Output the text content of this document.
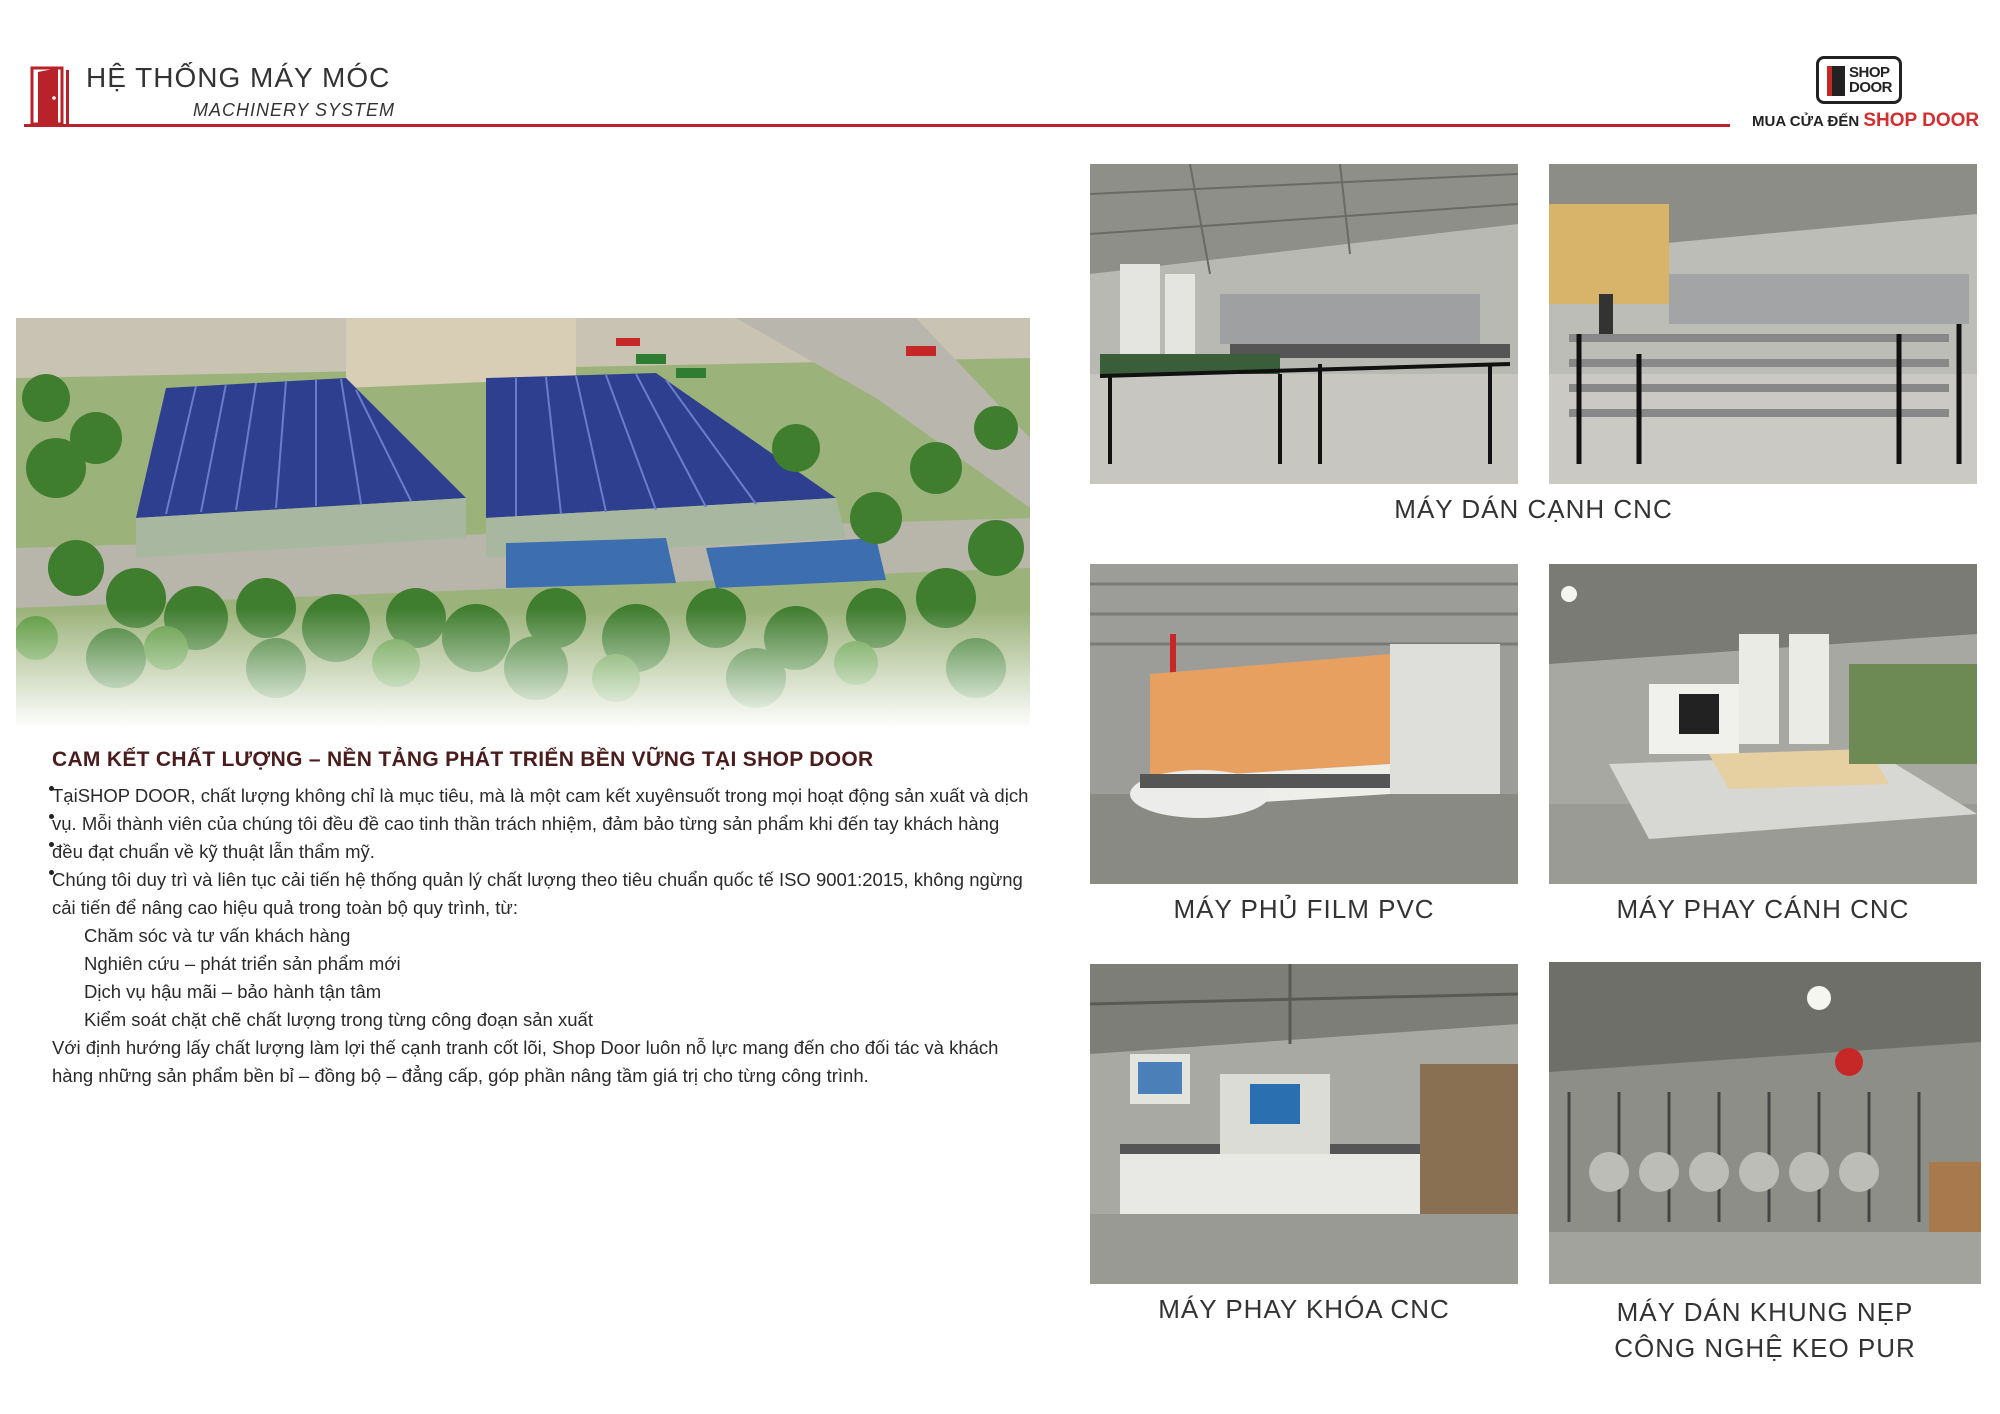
HỆ THỐNG MÁY MÓC
MACHINERY SYSTEM
SHOP
DOOR
MUA CỬA ĐẾN SHOP DOOR
CAM KẾT CHẤT LƯỢNG – NỀN TẢNG PHÁT TRIỂN BỀN VỮNG TẠI SHOP DOOR

TạiSHOP DOOR, chất lượng không chỉ là mục tiêu, mà là một cam kết xuyênsuốt trong mọi hoạt động sản xuất và dịch vụ. Mỗi thành viên của chúng tôi đều đề cao tinh thần trách nhiệm, đảm bảo từng sản phẩm khi đến tay khách hàng đều đạt chuẩn về kỹ thuật lẫn thẩm mỹ.

Chúng tôi duy trì và liên tục cải tiến hệ thống quản lý chất lượng theo tiêu chuẩn quốc tế ISO 9001:2015, không ngừng cải tiến để nâng cao hiệu quả trong toàn bộ quy trình, từ:

Chăm sóc và tư vấn khách hàng

Nghiên cứu – phát triển sản phẩm mới

Dịch vụ hậu mãi – bảo hành tận tâm

Kiểm soát chặt chẽ chất lượng trong từng công đoạn sản xuất

Với định hướng lấy chất lượng làm lợi thế cạnh tranh cốt lõi, Shop Door luôn nỗ lực mang đến cho đối tác và khách hàng những sản phẩm bền bỉ – đồng bộ – đẳng cấp, góp phần nâng tầm giá trị cho từng công trình.

MÁY DÁN CẠNH CNC
MÁY PHỦ FILM PVC	MÁY PHAY CÁNH CNC
MÁY PHAY KHÓA CNC	MÁY DÁN KHUNG NẸP
CÔNG NGHỆ KEO PUR
